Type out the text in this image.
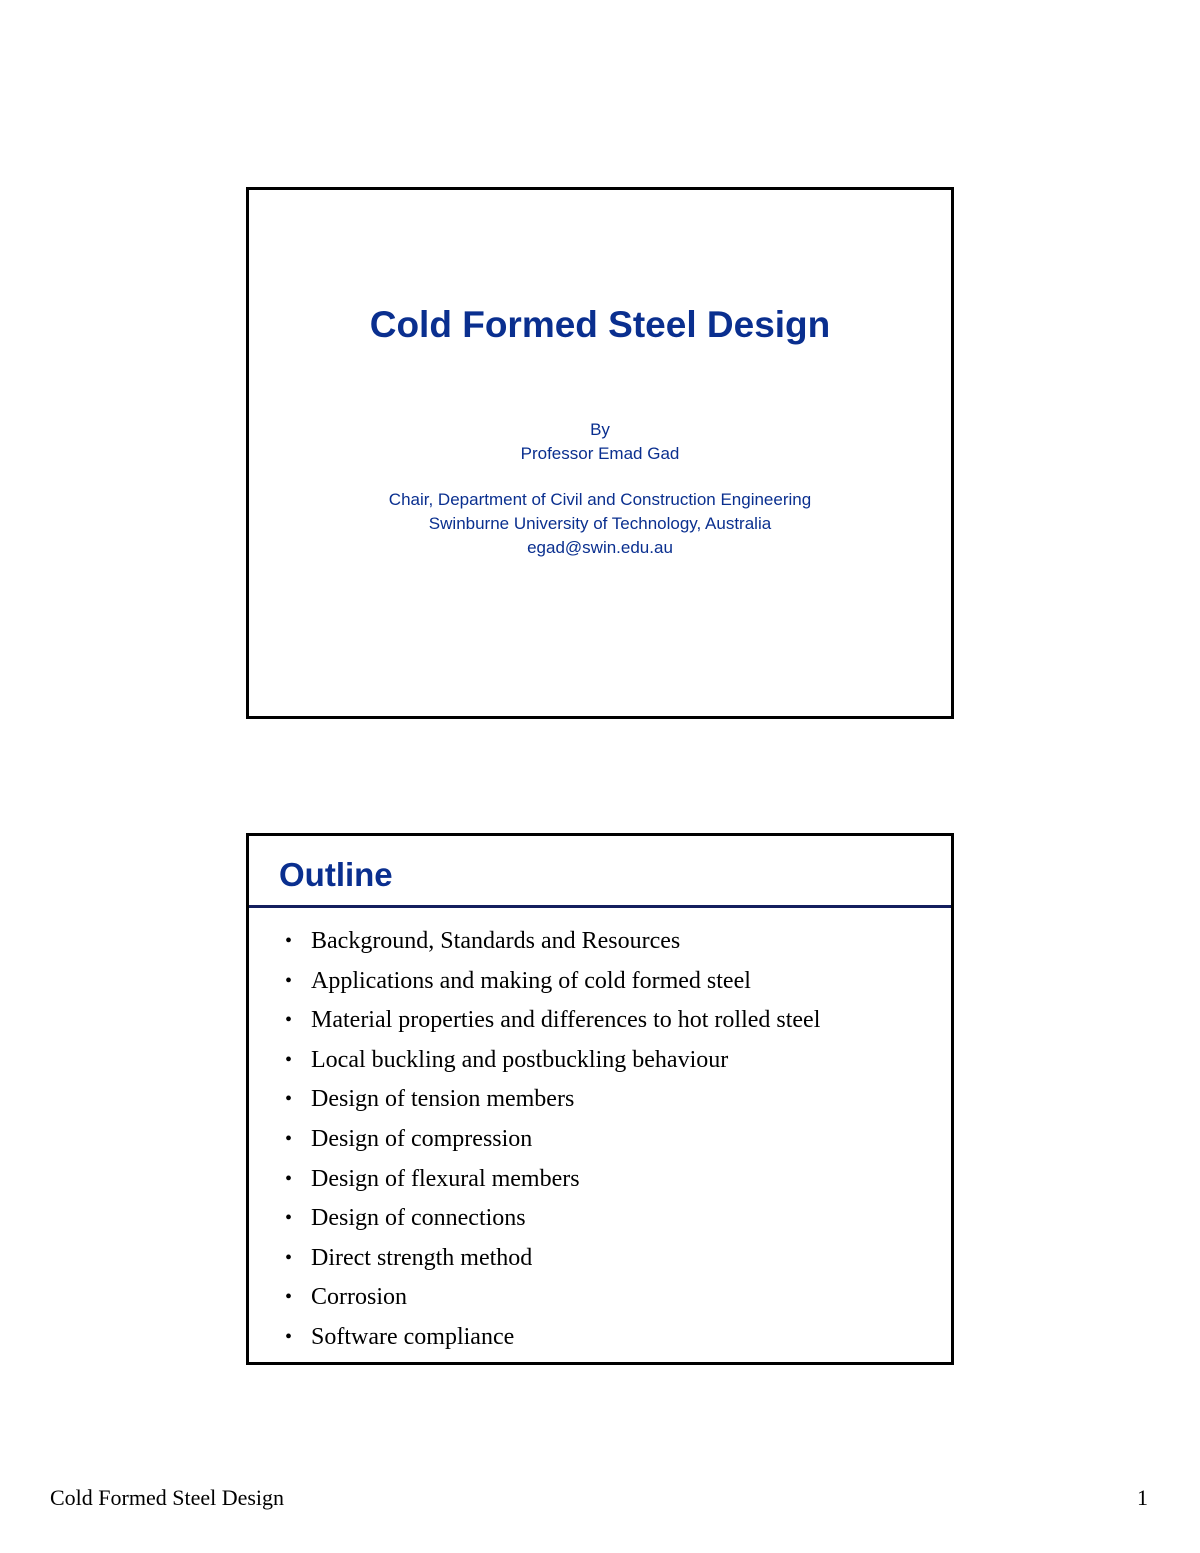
Cold Formed Steel Design
By
Professor Emad Gad
Chair, Department of Civil and Construction Engineering
Swinburne University of Technology, Australia
egad@swin.edu.au
Outline
• Background, Standards and Resources
• Applications and making of cold formed steel
• Material properties and differences to hot rolled steel
• Local buckling and postbuckling behaviour
• Design of tension members
• Design of compression
• Design of flexural members
• Design of connections
• Direct strength method
• Corrosion
• Software compliance
Cold Formed Steel Design	1
